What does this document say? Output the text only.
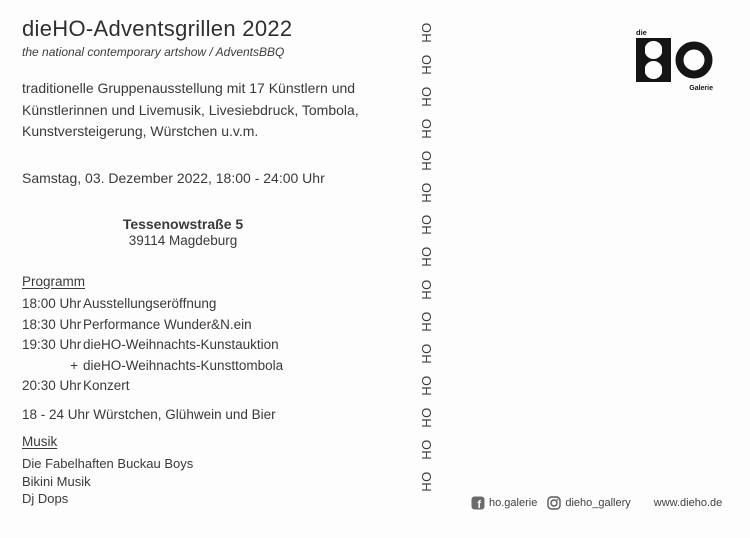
dieHO-Adventsgrillen 2022
the national contemporary artshow / AdventsBBQ

traditionelle Gruppenausstellung mit 17 Künstlern und Künstlerinnen und Livemusik, Livesiebdruck, Tombola, Kunstversteigerung, Würstchen u.v.m.

Samstag, 03. Dezember 2022, 18:00 - 24:00 Uhr
Tessenowstraße 5
39114 Magdeburg
Programm
18:00 Uhr Ausstellungseröffnung
18:30 Uhr Performance Wunder&N.ein
19:30 Uhr dieHO-Weihnachts-Kunstauktion
+ dieHO-Weihnachts-Kunsttombola
20:30 Uhr Konzert
18 - 24 Uhr Würstchen, Glühwein und Bier
Musik
Die Fabelhaften Buckau Boys
Bikini Musik
Dj Dops
HO
HO
HO
HO
HO
HO
HO
HO
HO
HO
HO
HO
HO
HO
HO
die
Galerie
f ho.galerie	dieho_gallery www.dieho.de
